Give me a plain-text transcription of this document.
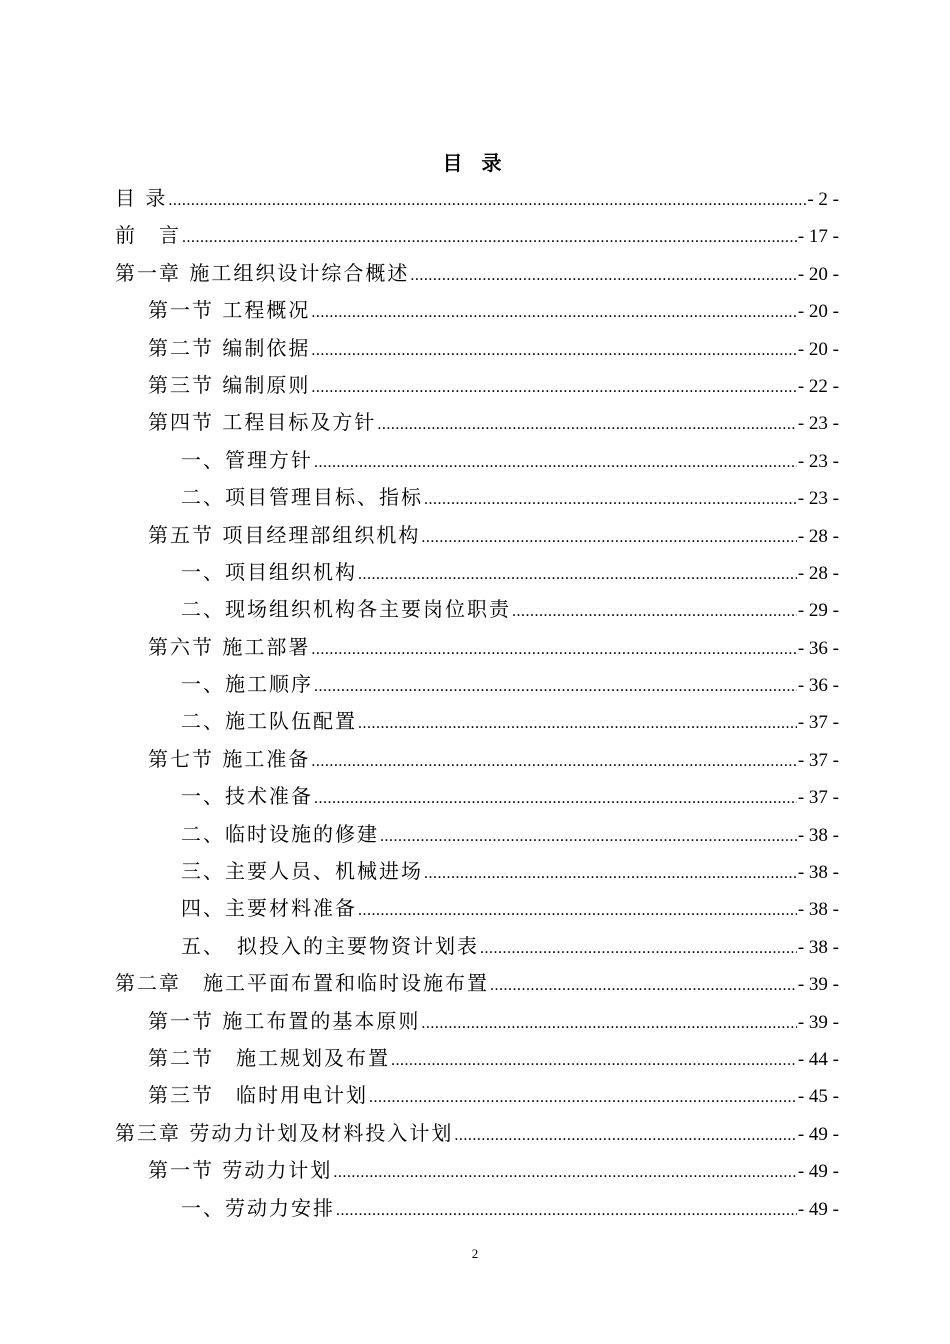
目 录
目 录 .....	- 2 -
前　言 .....	- 17 -
第一章 施工组织设计综合概述 .....	- 20 -
第一节 工程概况 .....	- 20 -
第二节 编制依据 .....	- 20 -
第三节 编制原则 .....	- 22 -
第四节 工程目标及方针 .....	- 23 -
一、管理方针 .....	- 23 -
二、项目管理目标、指标 .....	- 23 -
第五节 项目经理部组织机构 .....	- 28 -
一、项目组织机构 .....	- 28 -
二、现场组织机构各主要岗位职责 .....	- 29 -
第六节 施工部署 .....	- 36 -
一、施工顺序 .....	- 36 -
二、施工队伍配置 .....	- 37 -
第七节 施工准备 .....	- 37 -
一、技术准备 .....	- 37 -
二、临时设施的修建 .....	- 38 -
三、主要人员、机械进场 .....	- 38 -
四、主要材料准备 .....	- 38 -
五、　拟投入的主要物资计划表 .....	- 38 -
第二章　施工平面布置和临时设施布置 .....	- 39 -
第一节 施工布置的基本原则 .....	- 39 -
第二节　施工规划及布置 .....	- 44 -
第三节　临时用电计划 .....	- 45 -
第三章 劳动力计划及材料投入计划 .....	- 49 -
第一节 劳动力计划 .....	- 49 -
一、劳动力安排 .....	- 49 -
2
